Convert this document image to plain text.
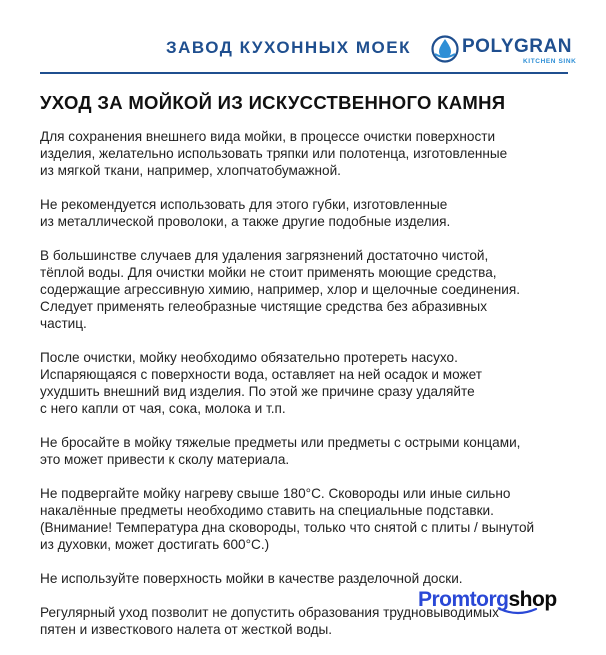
ЗАВОД КУХОННЫХ МОЕК	POLYGRAN
KITCHEN SINK
УХОД ЗА МОЙКОЙ ИЗ ИСКУССТВЕННОГО КАМНЯ
Для сохранения внешнего вида мойки, в процессе очистки поверхности
изделия, желательно использовать тряпки или полотенца, изготовленные
из мягкой ткани, например, хлопчатобумажной.
Не рекомендуется использовать для этого губки, изготовленные
из металлической проволоки, а также другие подобные изделия.
В большинстве случаев для удаления загрязнений достаточно чистой,
тёплой воды. Для очистки мойки не стоит применять моющие средства,
содержащие агрессивную химию, например, хлор и щелочные соединения.
Следует применять гелеобразные чистящие средства без абразивных
частиц.
После очистки, мойку необходимо обязательно протереть насухо.
Испаряющаяся с поверхности вода, оставляет на ней осадок и может
ухудшить внешний вид изделия. По этой же причине сразу удаляйте
с него капли от чая, сока, молока и т.п.
Не бросайте в мойку тяжелые предметы или предметы с острыми концами,
это может привести к сколу материала.
Не подвергайте мойку нагреву свыше 180°С. Сковороды или иные сильно
накалённые предметы необходимо ставить на специальные подставки.
(Внимание! Температура дна сковороды, только что снятой с плиты / вынутой
из духовки, может достигать 600°С.)
Не используйте поверхность мойки в качестве разделочной доски.
Регулярный уход позволит не допустить образования трудновыводимых
пятен и известкового налета от жесткой воды.
Promtorgshop
